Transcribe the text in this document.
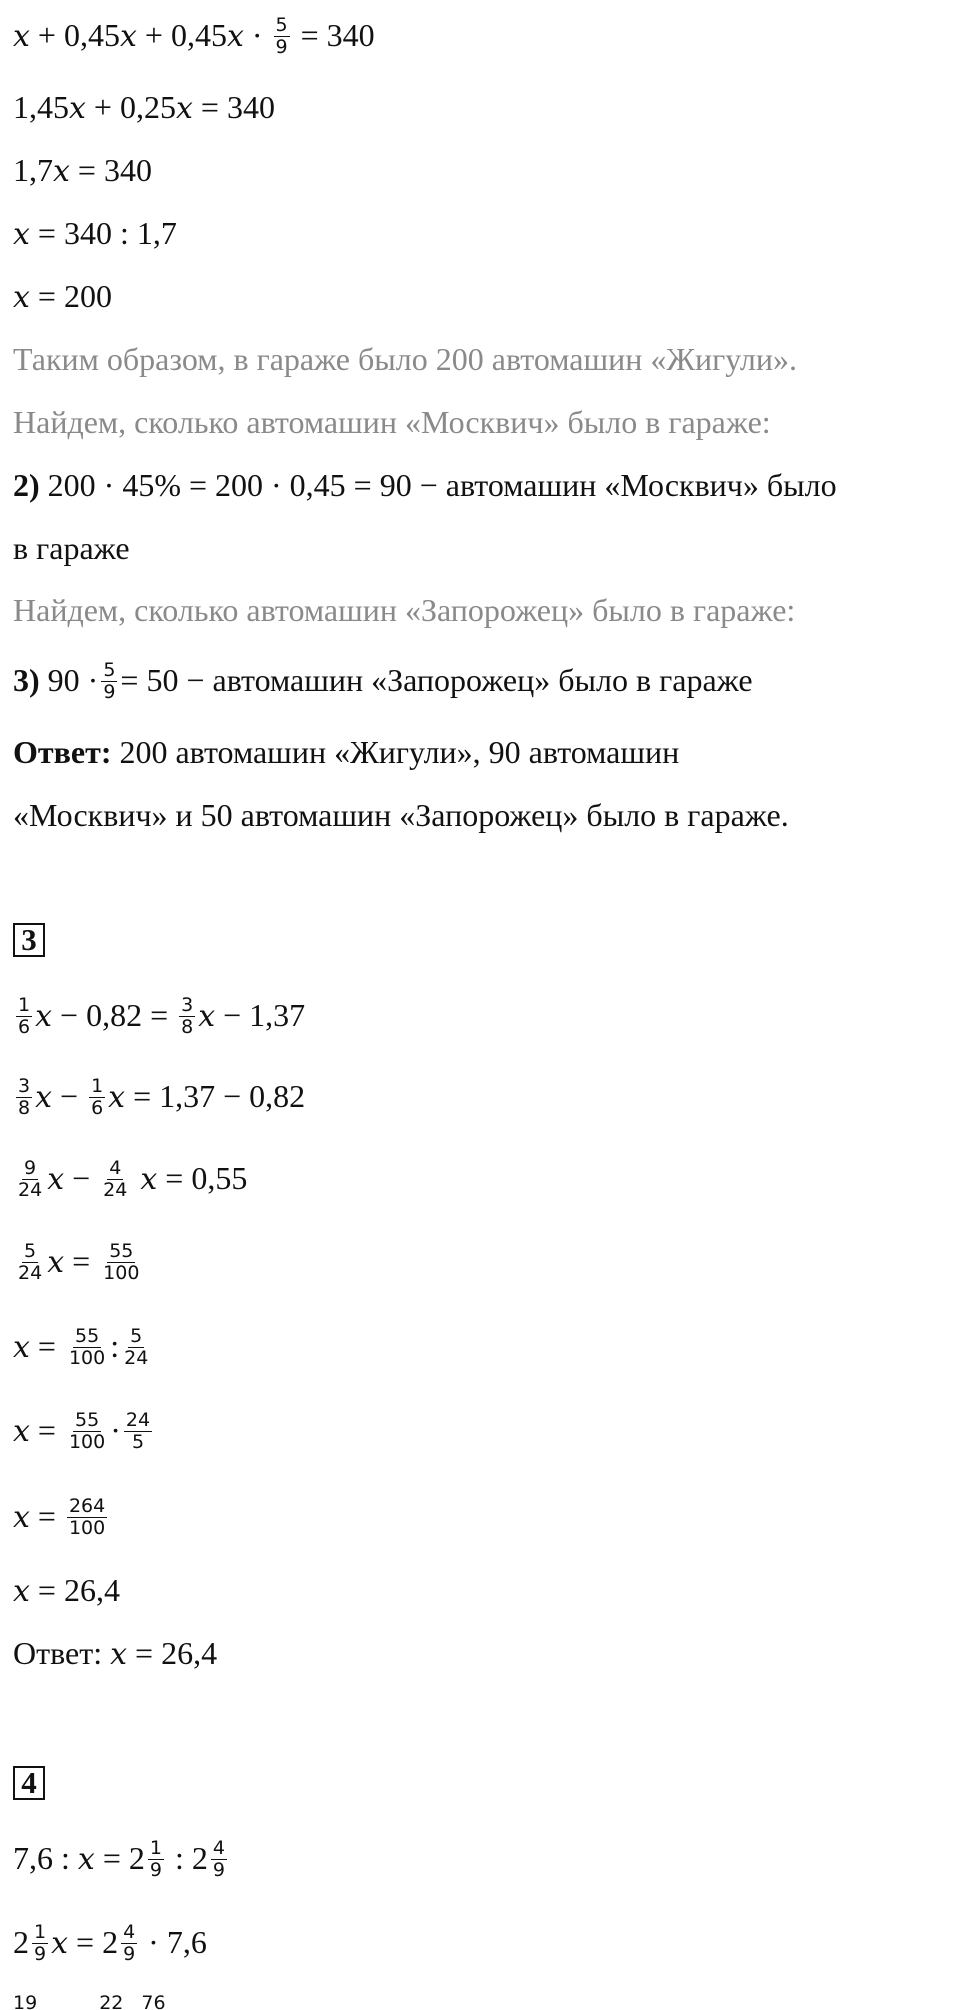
$x + 0,45x + 0,45x \cdot \frac{5}{9} = 340$
1,45x + 0,25x = 340
1,7x = 340
x = 340 : 1,7
x = 200
Таким образом, в гараже было 200 автомашин «Жигули».
Найдем, сколько автомашин «Москвич» было в гараже:
2) 200 · 45% = 200 · 0,45 = 90 − автомашин «Москвич» было
в гараже
Найдем, сколько автомашин «Запорожец» было в гараже:
3) $90 \cdot \frac{5}{9} = 50$ − автомашин «Запорожец» было в гараже
Ответ: 200 автомашин «Жигули», 90 автомашин
«Москвич» и 50 автомашин «Запорожец» было в гараже.
3
$\frac{1}{6}$ $x - 0,82 = \frac{3}{8}$ x − 1,37
$\frac{3}{8}$ $x - \frac{1}{6}$ x = 1,37 − 0,82
$\frac{9}{24}$ $x - \frac{4}{24}$ x = 0,55
$\frac{5}{24}$ $x = \frac{55}{100}$
$x = \frac{55}{100}$ : $\frac{5}{24}$
$x = \frac{55}{100} \cdot \frac{24}{5}$
$x = \frac{264}{100}$
x = 26,4
Ответ: x = 26,4
4
7,6 : $x = 2 \frac{1}{9}$ : $2 \frac{4}{9}$
$2 \frac{1}{9}$ $x = 2 \frac{4}{9} \cdot 7,6$
19	22 76
